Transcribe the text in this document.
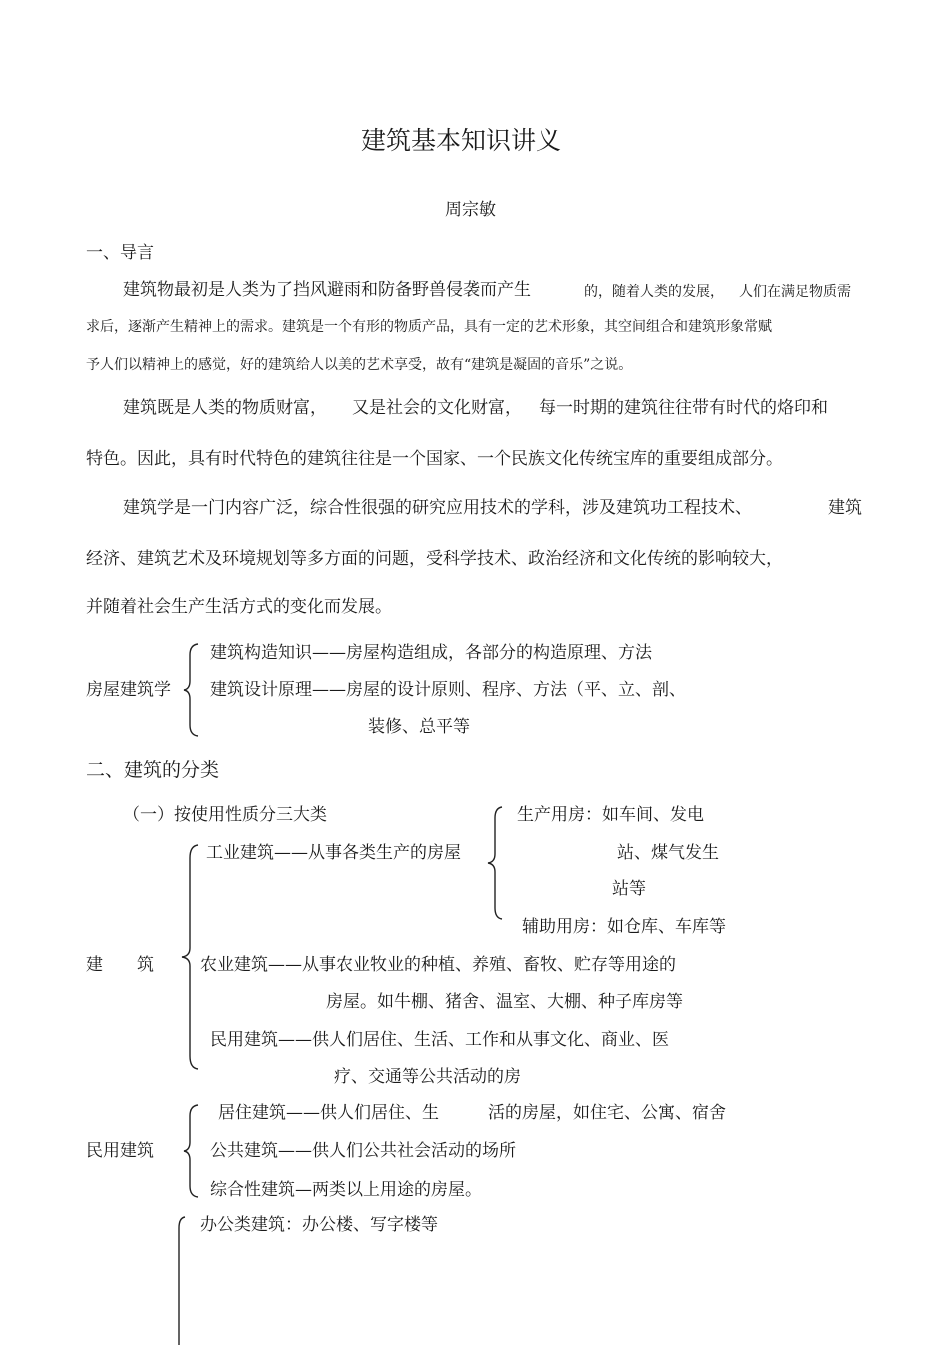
建筑基本知识讲义
周宗敏
一、导言
建筑物最初是人类为了挡风避雨和防备野兽侵袭而产生	的，随着人类的发展， 人们在满足物质需
求后，逐渐产生精神上的需求。建筑是一个有形的物质产品，具有一定的艺术形象，其空间组合和建筑形象常赋
予人们以精神上的感觉，好的建筑给人以美的艺术享受，故有“建筑是凝固的音乐”之说。
建筑既是人类的物质财富， 又是社会的文化财富， 每一时期的建筑往往带有时代的烙印和
特色。因此，具有时代特色的建筑往往是一个国家、一个民族文化传统宝库的重要组成部分。
建筑学是一门内容广泛，综合性很强的研究应用技术的学科，涉及建筑功工程技术、	建筑
经济、建筑艺术及环境规划等多方面的问题，受科学技术、政治经济和文化传统的影响较大，
并随着社会生产生活方式的变化而发展。
房屋建筑学
建筑构造知识——房屋构造组成，各部分的构造原理、方法
建筑设计原理——房屋的设计原则、程序、方法（平、立、剖、
装修、总平等
二、建筑的分类
（一）按使用性质分三大类	生产用房：如车间、发电
站、煤气发生
站等
辅助用房：如仓库、车库等
工业建筑——从事各类生产的房屋
建　　筑	农业建筑——从事农业牧业的种植、养殖、畜牧、贮存等用途的
房屋。如牛棚、猪舍、温室、大棚、种子库房等
民用建筑——供人们居住、生活、工作和从事文化、商业、医
疗、交通等公共活动的房
民用建筑
居住建筑——供人们居住、生	活的房屋，如住宅、公寓、宿舍
公共建筑——供人们公共社会活动的场所
综合性建筑—两类以上用途的房屋。
办公类建筑：办公楼、写字楼等
